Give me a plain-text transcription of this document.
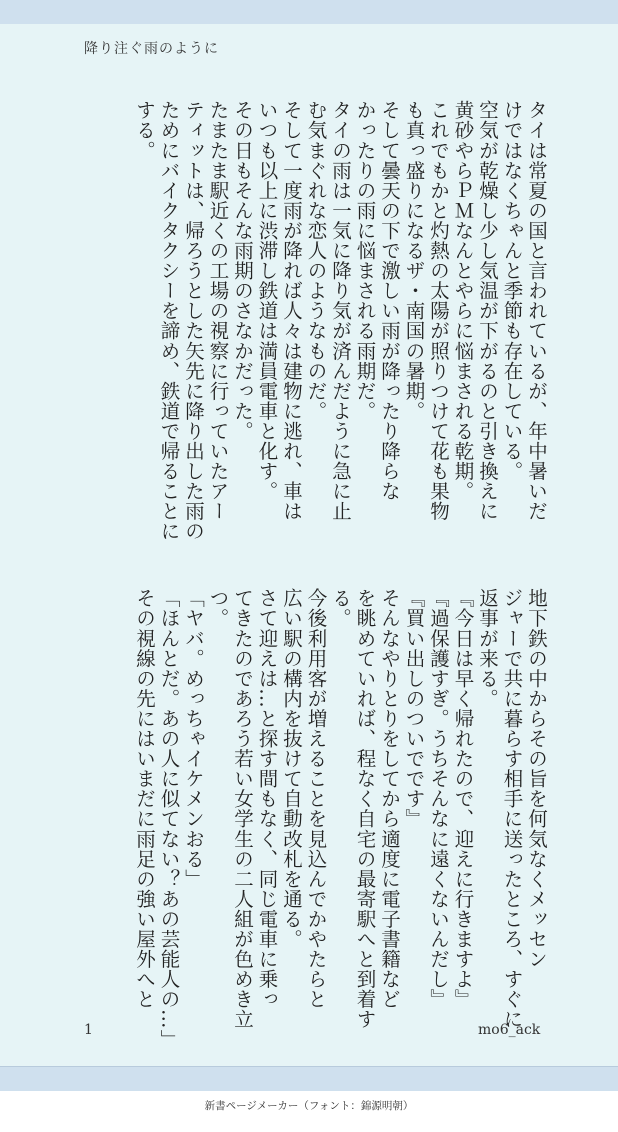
降り注ぐ雨のように

タイは常夏の国と言われているが、年中暑いだ

けではなくちゃんと季節も存在している。

空気が乾燥し少し気温が下がるのと引き換えに

黄砂やらＰＭなんとやらに悩まされる乾期。

これでもかと灼熱の太陽が照りつけて花も果物

も真っ盛りになるザ・南国の暑期。

そして曇天の下で激しい雨が降ったり降らな

かったりの雨に悩まされる雨期だ。

タイの雨は一気に降り気が済んだように急に止

む気まぐれな恋人のようなものだ。

そして一度雨が降れば人々は建物に逃れ、車は

いつも以上に渋滞し鉄道は満員電車と化す。

その日もそんな雨期のさなかだった。

たまたま駅近くの工場の視察に行っていたアー

ティットは、帰ろうとした矢先に降り出した雨の

ためにバイクタクシーを諦め、鉄道で帰ることに

する。

地下鉄の中からその旨を何気なくメッセン

ジャーで共に暮らす相手に送ったところ、すぐに

返事が来る。

『今日は早く帰れたので、迎えに行きますよ』

『過保護すぎ。うちそんなに遠くないんだし』

『買い出しのついでです』

そんなやりとりをしてから適度に電子書籍など

を眺めていれば、程なく自宅の最寄駅へと到着す

る。

今後利用客が増えることを見込んでかやたらと

広い駅の構内を抜けて自動改札を通る。

さて迎えは…と探す間もなく、同じ電車に乗っ

てきたのであろう若い女学生の二人組が色めき立

つ。

「ヤバ。めっちゃイケメンおる」

「ほんとだ。あの人に似てない？あの芸能人の…」

その視線の先にはいまだに雨足の強い屋外へと

1	mo6_ack
新書ページメーカー（フォント：錦源明朝）
